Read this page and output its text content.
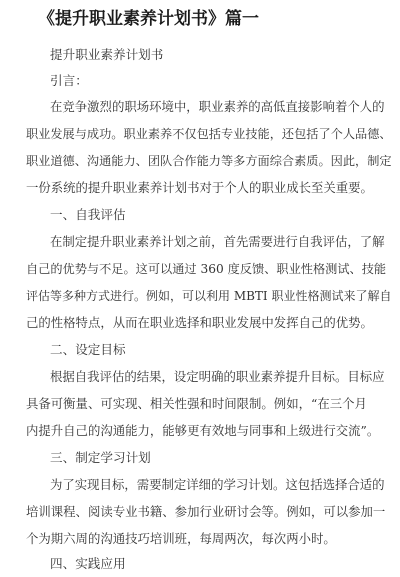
《提升职业素养计划书》篇一
提升职业素养计划书
引言：
在竞争激烈的职场环境中，职业素养的高低直接影响着个人的
职业发展与成功。职业素养不仅包括专业技能，还包括了个人品德、
职业道德、沟通能力、团队合作能力等多方面综合素质。因此，制定
一份系统的提升职业素养计划书对于个人的职业成长至关重要。
一、自我评估
在制定提升职业素养计划之前，首先需要进行自我评估，了解
自己的优势与不足。这可以通过 360 度反馈、职业性格测试、技能
评估等多种方式进行。例如，可以利用 MBTI 职业性格测试来了解自
己的性格特点，从而在职业选择和职业发展中发挥自己的优势。
二、设定目标
根据自我评估的结果，设定明确的职业素养提升目标。目标应
具备可衡量、可实现、相关性强和时间限制。例如，“在三个月
内提升自己的沟通能力，能够更有效地与同事和上级进行交流”。
三、制定学习计划
为了实现目标，需要制定详细的学习计划。这包括选择合适的
培训课程、阅读专业书籍、参加行业研讨会等。例如，可以参加一
个为期六周的沟通技巧培训班，每周两次，每次两小时。
四、实践应用
